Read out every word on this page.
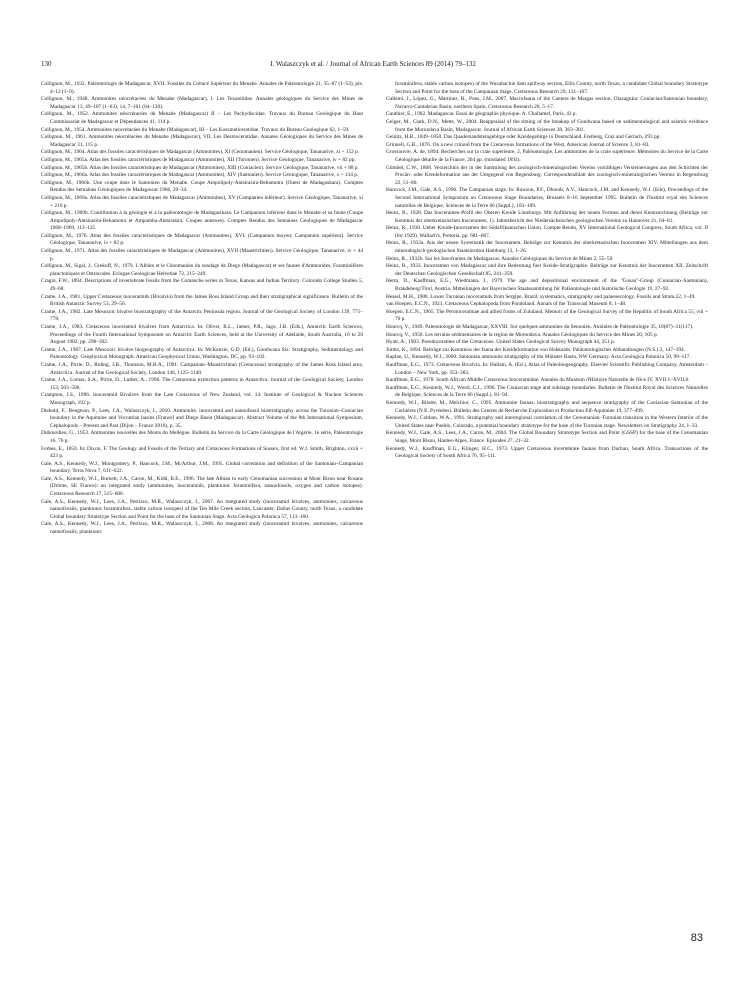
130	I. Walaszczyk et al. / Journal of African Earth Sciences 89 (2014) 79–132

Collignon, M., 1932. Paléontologie de Madagascar, XVII. Fossiles du Crétacé Supérieur du Menabe. Annales de Paléontologie 21, 35–87 (1–53), pls. 4–12 (1–9).

Collignon, M., 1948. Ammonites néocrétacées du Menabe (Madagascar), I. Les Texanitidae. Annales géologiques du Service des Mines de Madagascar 13, 49–107 (1–63); 14, 7–101 (64–120).

Collignon, M., 1952. Ammonites néocrétacées du Menabe (Madagascar) II – Les Pachydiscidae. Travaux du Bureau Geologique du Haut Commissariat de Madagascar et Dépendances 41, 114 p.

Collignon, M., 1954. Ammonites neocretacées du Menabe (Madagascar), III – Les Kossmaticeratidae. Travaux du Bureau Geologique 62, 1–59.

Collignon, M., 1961. Ammonites néocrétacées du Menabe (Madagascar), VII, Les Desmoceratidae. Annales Géologiques du Service des Mines de Madagascar 31, 115 p.

Collignon, M., 1964. Atlas des fossiles caractéristiques de Madagascar (Ammonites), XI (Cenomanien). Service Géologique, Tananarive, xi + 152 p.

Collignon, M., 1965a. Atlas des fossiles caractéristiques de Madagascar (Ammonites), XII (Turonien). Service Géologique, Tananarive, iv + 82 pp.

Collignon, M., 1965b. Atlas des fossiles caractéristiques de Madagascar (Ammonites), XIII (Coniacien). Service Géologique, Tananarive, vii + 88 p.

Collignon, M., 1966a. Atlas des fossiles caractéristiques de Madagascar (Ammonites), XIV (Santonien). Service Géologique, Tananarive, x + 134 p.

Collignon, M., 1966b. Une coupe dans le Santonien du Menabe. Coupe Ampolipoly-Antsirasira-Behamotra (Ouest de Madagaskara). Comptes Rendus des Semaines Géologiques de Madagascar 1966, 29–34.

Collignon, M., 1969a. Atlas des fossiles caractéristiques de Madagascar (Ammonites), XV (Campanien inférieur). Service Géologique, Tananarive, xi + 216 p.

Collignon, M., 1969b. Contribution à la géologie et à la paléontologie de Madagasikara. Le Campanien inférieur dans le Menabe et sa faune (Coupe Ampolipoly-Antsirasira-Behamotra et Ampamba-Antsirasira. Coupes annexes). Comptes Rendus des Semaines Géologiques de Madagascar 1968–1969, 113–125.

Collignon, M., 1970. Atlas des fossiles caractéristiques de Madagascar (Ammonites), XVI. (Campanien moyen; Campanien supérieur). Service Géologique, Tananarive, iv + 82 p.

Collignon, M., 1971. Atlas des fossiles caractéristiques de Madagascar (Ammonites), XVII (Maastrichtien). Service Géologique, Tananarive, iv + 44 p.

Collignon, M., Sigal, J., Grekoff, N., 1979. L'Albien et le Cénomanien du sondage de Diego (Madagascar) et ses faunes d'Ammonites, Foraminifères planctoniques et Ostracodes. Eclogae Geologicae Helvetiae 72, 215–249.

Cragin, F.W., 1894. Descriptions of invertebrate fossils from the Comanche series in Texas, Kansas and Indian Territory. Colorado College Studies 5, 49–68.

Crame, J.A., 1981. Upper Cretaceous inoceramids (Bivalvia) from the James Ross Island Group and their stratigraphical significance. Bulletin of the British Antarctic Survey 53, 29–56.

Crame, J.A., 1982. Late Mesozoic bivalve biostratigraphy of the Antarctic Peninsula region. Journal of the Geological Society of London 139, 771–778.

Crame, J.A., 1983. Cretaceous inoceramid bivalves from Antarctica. In: Oliver, R.L., James, P.R., Jago, J.B. (Eds.), Antarctic Earth Sciences, Proceedings of the Fourth International Symposium on Antarctic Earth Sciences, held at the University of Adelaide, South Australia, 16 to 20 August 1982, pp. 298–302.

Crame, J.A., 1987. Late Mesozoic bivalve biogeography of Antarctica. In: McKenzie, G.D. (Ed.), Gondwana Six: Stratigraphy, Sedimentology and Paleontology. Geophysical Monograph. American Geophysical Union, Washington, DC, pp. 93–102.

Crame, J.A., Pirrie, D., Riding, J.B., Thomson, M.R.A., 1991. Campanian–Maastrichtian (Cretaceous) stratigraphy of the James Ross Island area, Antarctica. Journal of the Geological Society, London 148, 1125–1140.

Crame, J.A., Lomas, S.A., Pirrie, D., Luther, A., 1996. The Cretaceous extinction patterns in Antarctica. Journal of the Geological Society, London 153, 503–506.

Crampton, J.S., 1996. Inoceramid Bivalves from the Late Cretaceous of New Zealand, vol. 14. Institute of Geological & Nuclear Sciences Monograph, 192 p.

Diebold, F., Bengtson, P., Lees, J.A., Walaszczyk, I., 2010. Ammonite, inoceramid and nannofossil biostratigraphy across the Turonian–Coniacian boundary in the Aquitaine and Vocontian basins (France) and Diego Basin (Madagascar). Abstract Volume of the 8th International Symposium, Cephalopods – Present and Past (Dijon – France 2010), p. 35.

Dubourdieu, G., 1953. Ammonites nouvelles des Monts du Mellègue. Bulletin du Service du la Carte Géologique de l'Algérie. 1e série, Paléontologie 16, 76 p.

Forbes, E., 1850. In: Dixon, F. The Geology and Fossils of the Tertiary and Cretaceous Formations of Sussex, first ed. W.J. Smith, Brighton, xxxii + 423 p.

Gale, A.S., Kennedy, W.J., Montgomery, P., Hancock, J.M., McArthur, J.M., 1995. Global correlation and definition of the Santonian–Campanian boundary. Terra Nova 7, 611–622.

Gale, A.S., Kennedy, W.J., Burnett, J.A., Caron, M., Kidd, B.E., 1996. The late Albian to early Cenomanian succession at Mont Risou near Rosans (Drôme, SE France): an integrated study (ammonites, inoceramids, planktonic foraminifera, nannofossils, oxygen and carbon isotopes). Cretaceous Research 17, 515–606.

Gale, A.S., Kennedy, W.J., Lees, J.A., Petrizzo, M.R., Walaszczyk, I., 2007. An integrated study (inoceramid bivalves, ammonites, calcareous nannofossils, planktonic foraminifera, stable carbon isotopes) of the Ten Mile Creek section, Lancaster, Dallas County, north Texas, a candidate Global boundary Stratotype Section and Point for the base of the Santonian Stage. Acta Geologica Polonica 57, 113–160.

Gale, A.S., Kennedy, W.J., Lees, J.A., Petrizzo, M.R., Walaszczyk, I., 2008. An integrated study (inoceramid bivalves, ammonites, calcareous nannofossils, planktonic

foraminifera, stable carbon isotopes) of the Waxahachie dam spillway section, Ellis County, north Texas, a candidate Global boundary Stratotype Section and Point for the base of the Campanian Stage. Cretaceous Research 29, 131–167.

Gallemí, J., López, G., Martínez, R., Pons, J.M., 2007. Macrofauna of the Cantera de Margas section, Olazagutia: Coniacian/Santonian boundary, Navarro-Cantabrian Basin, northern Spain. Cretaceous Research 28, 5–17.

Gauthier, E., 1902. Madagascar. Essai de géographie physique. A. Challamel, Paris, 43 p.

Geiger, M., Clark, D.N., Mette, W., 2004. Reappraisal of the timing of the breakup of Gondwana based on sedimentological and seismic evidence from the Morondava Basin, Madagascar. Journal of African Earth Sciences 38, 363–381.

Geinitz, H.B., 1849–1850. Das Quadersandsteingebirge oder Kreidegebirge in Deutschland. Freiberg, Craz and Gerlach, 293 pp.

Grinnell, G.B., 1876. On a new crinoid from the Cretaceous formations of the West. American Journal of Science 3, 81–83.

Grossouvre, A. de, 1894. Recherches sur la craie supérieure, 2, Paléontologie. Les ammonites de la craie supérieure. Mémoires du Service de la Carte Géologique détaille de la France, 264 pp. (misdated 1893).

Gümbel, C.W., 1868. Verzeichnis der in der Sammlung des zoologisch-mineralogischen Vereins vorräthigen Versteinerungen aus den Schichten der Procän- oder Kreideformation aus der Umgegend von Regensburg. Correspondenzblatt des zoologisch-mineralogischen Vereins in Regensburg 22, 51–80.

Hancock, J.M., Gale, A.S., 1996. The Campanian stage. In: Rawson, P.F., Dhondt, A.V., Hancock, J.M. and Kennedy, W.J. (Eds), Proceedings of the Second International Symposium on Cretaceous Stage Boundaries, Brussels 8–16 September 1995. Bulletin de l'Institut royal des Sciences naturelles de Belgique, Sciences de la Terre 66 (Suppl.), 103–109.

Heinz, R., 1928. Das Inoceramen-Profil der Oberen Kreide Lüneburgs. Mit Anführung der neuen Formen and deren Kennzeichnung (Beiträge zur Kenntnis der oberkretazischen Inoceramen, 1). Jahresbericht des Niedersächsischen geologischen Vereins zu Hannover 21, 64–81.

Heinz, R., 1930. Ueber Kreide-Inoceramen der Südafrikanischen Union. Compte Rendu, XV International Geological Congress, South Africa, vol. II (for 1929). Wallach's, Pretoria, pp. 681–687.

Heinz, R., 1932a. Aus der neuen Systematik der Inoceramen. Beiträge zur Kenntnis der oberkretazischen Inoceramen XIV. Mitteilungen aus dem mineralogisch-geologischen Staatsinstitut Hamburg 13, 1–26.

Heinz, R., 1932b. Sur les Inocérames de Madagascar. Annales Géologiques du Service de Mines 2, 55–59.

Heinz, R., 1933. Inoceramen von Madagascar und ihre Bedeutung fuer Kreide-Stratigraphie. Beiträge zur Kenntnis der Inoceramen XII. Zeitschrift der Deutschen Geologischen Gesellschaft 85, 241–259.

Herm, D., Kauffman, E.G., Wiedmann, J., 1979. The age and depositional environment of the ''Gosau''-Group (Coniacian–Santonian), Brandeberg/Tirol, Austria. Mitteilungen der Bayerischen Staatssammlung für Paläontologie und historische Geologie 19, 27–92.

Hessel, M.H., 1988. Lower Turonian inoceramids from Sergipe, Brazil: systematics, stratigraphy and palaeoecology. Fossils and Strata 22, 1–49.

van Hoepen, E.C.N., 1921. Cretaceous Cephalopoda from Pondoland. Annals of the Transvaal Museum 8, 1–48.

Hoepen, E.C.N., 1965. The Peroniceratinae and allied forms of Zululand. Memoir of the Geological Survey of the Republic of South Africa 55, viii + 70 p.

Hourcq, V., 1949. Paleontologie de Madagascar, XXVIII. Sur quelques ammonites du Senonien. Annlales de Paléontologie 35, 10(87)–31(117).

Hourcq, V., 1950. Les terrains sédimentaires de la région de Morondava. Annales Géologiques du Service des Mines 20, 105 p.

Hyatt, A., 1903. Pseudoceratites of the Cretaceous. United States Geological Survey Monograph 44, 351 p.

Jimbo, K., 1894. Beiträge zur Kenntniss der fauna der Kreideformation von Hokkaido. Paläontologisches Abhandlungen (N.S.) 2, 147–194.

Kaplan, U., Kennedy, W.J., 2000. Santonian ammonite stratigraphy of the Münster Basin, NW Germany. Acta Geologica Polonica 50, 99–117.

Kauffman, E.G., 1973. Cretaceous Bivalvia. In: Hallam, A. (Ed.), Atlas of Paleobiogeography. Elsevier Scientific Publishing Company, Amsterdam – London – New York, pp. 353–383.

Kauffman, E.G., 1978. South African Middle Cretaceous Inoceramidae. Annales du Muséum d'Histoire Naturelle de Nice IV, XVII.1–XVII.6.

Kauffman, E.G., Kennedy, W.J., Wood, C.J., 1996. The Coniacian stage and substage boundaries. Bulletin de l'Institut Royal des Sciences Naturelles de Belgique, Sciences de la Terre 66 (Suppl.), 81–94.

Kennedy, W.J., Bilotte, M., Melchior, C., 1995. Ammonite faunas, biostratigraphy and sequence stratigraphy of the Coniacian–Santonian of the Corbières (N.E. Pyrénées). Bulletin des Centres de Recherche Exploration et Production Elf-Aquitaine 19, 377–499.

Kennedy, W.J., Cobban, W.A., 1991. Stratigraphy and interregional correlation of the Cenomanian–Turonian transition in the Western Interior of the United States near Pueblo, Colorado, a potential boundary stratotype for the base of the Turonian stage. Newsletters on Stratigraphy 24, 1–33.

Kennedy, W.J., Gale, A.S., Lees, J.A., Caron, M., 2004. The Global Boundary Stratotype Section and Point (GSSP) for the base of the Cenomanian Stage, Mont Risou, Hautes-Alpes, France. Episodes 27, 21–32.

Kennedy, W.J., Kauffman, E.G., Klinger, H.C., 1973. Upper Cretaceous invertebrate faunas from Durban, South Africa. Transactions of the Geological Society of South Africa 76, 95–111.

83
